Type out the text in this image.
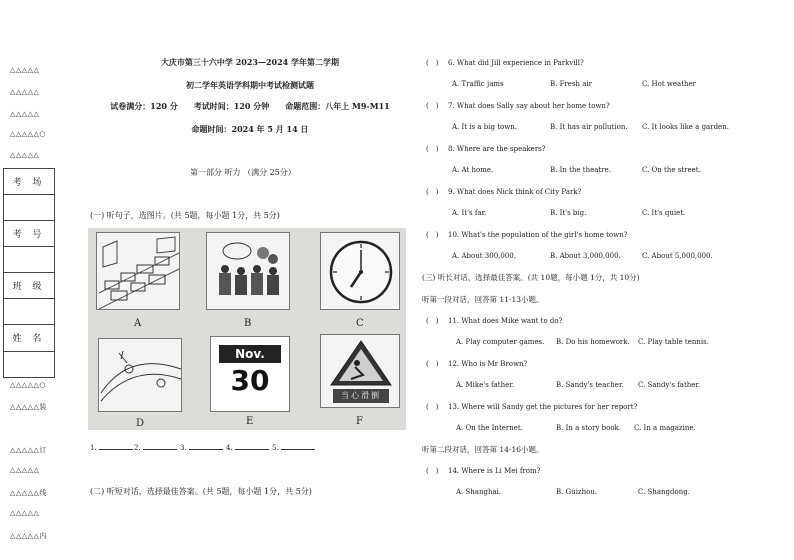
△△△△△
△△△△△
△△△△△
△△△△△○
△△△△△
考 场
考 号
班 级
姓 名
△△△△△○
△△△△△装
△△△△△订
△△△△△
△△△△△线
△△△△△
△△△△△内
大庆市第三十六中学 2023—2024 学年第二学期
初二学年英语学科期中考试检测试题
试卷满分：120 分　　考试时间：120 分钟　　命题范围：八年上 M9-M11
命题时间：2024 年 5 月 14 日
第一部分 听力 （满分 25分）
(一) 听句子，选图片。(共 5题，每小题 1分，共 5分)
A	B	C
D
Nov.
30
E
当心滑倒
F
1.	2.	3.	4.	5.
(二) 听短对话，选择最佳答案。(共 5题，每小题 1分，共 5分)
(　) 6. What did Jill experience in Parkvill?
A. Traffic jams	B. Fresh air	C. Hot weather
(　) 7. What does Sally say about her home town?
A. It is a big town.	B. It has air pollution. C. It looks like a garden.
(　) 8. Where are the speakers?
A. At home.	B. In the theatre.	C. On the street.
(　) 9. What does Nick think of City Park?
A. It's far.	B. It's big.	C. It's quiet.
(　) 10. What's the population of the girl's home town?
A. About 300,000.	B. About 3,000,000.	C. About 5,000,000.
(三) 听长对话，选择最佳答案。(共 10题，每小题 1分，共 10分)
听第一段对话，回答第 11-13小题。
(　) 11. What does Mike want to do?
A. Play computer games. B. Do his homework. C. Play table tennis.
(　) 12. Who is Mr Brown?
A. Mike's father.	B. Sandy's teacher. C. Sandy's father.
(　) 13. Where will Sandy get the pictures for her report?
A. On the Internet.	B. In a story book. C. In a magazine.
听第二段对话，回答第 14-16小题。
(　) 14. Where is Li Mei from?
A. Shanghai.	B. Guizhou.	C. Shangdong.
